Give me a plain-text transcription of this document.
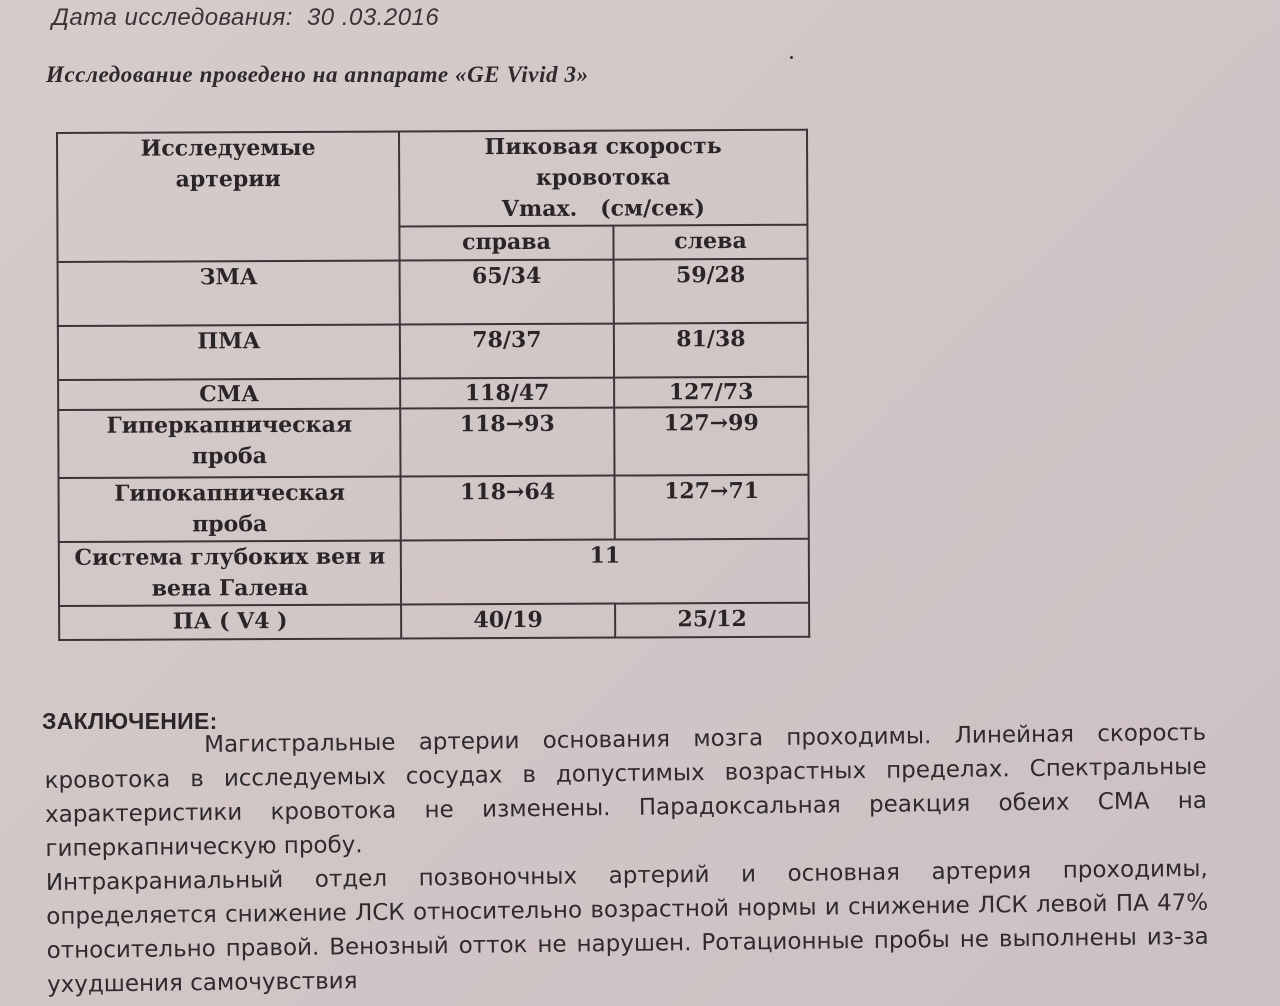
Дата исследования: 30 .03.2016
Исследование проведено на аппарате «GE Vivid 3»
Исследуемые артерии	Пиковая скорость
кровотока
Vmax.   (см/сек)	

	справа	слева
ЗМА	65/34	59/28
ПМА	78/37	81/38
СМА	118/47	127/73

Гиперкапническая проба	118→93	127→99

Гипокапническая проба	118→64	127→71

Система глубоких вен и вена Галена	11	
ПА ( V4 )	40/19	25/12
ЗАКЛЮЧЕНИЕ:

Магистральные артерии основания мозга проходимы. Линейная скорость кровотока в исследуемых сосудах в допустимых возрастных пределах. Спектральные характеристики кровотока не изменены. Парадоксальная реакция обеих СМА на гиперкапническую пробу.

Интракраниальный отдел позвоночных артерий и основная артерия проходимы, определяется снижение ЛСК относительно возрастной нормы и снижение ЛСК левой ПА 47% относительно правой. Венозный отток не нарушен. Ротационные пробы не выполнены из-за ухудшения самочувствия
